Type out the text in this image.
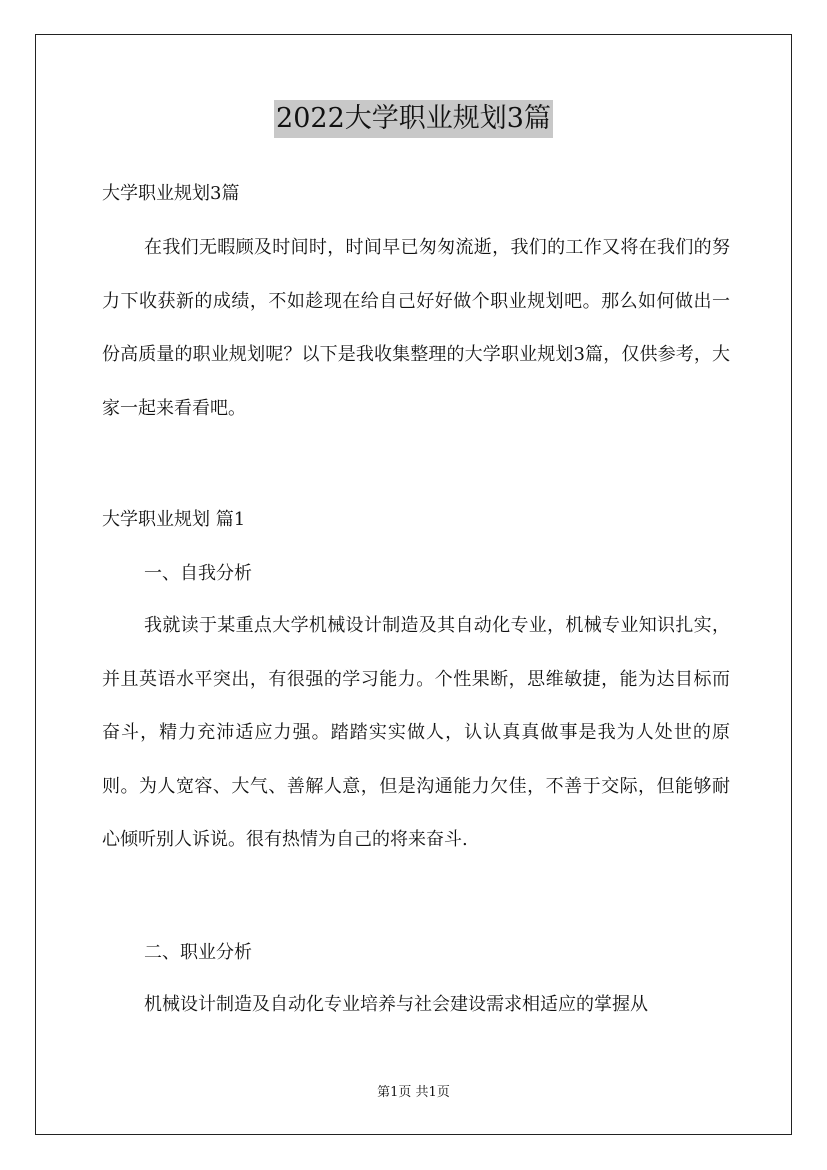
2022大学职业规划3篇
大学职业规划3篇
在我们无暇顾及时间时，时间早已匆匆流逝，我们的工作又将在我们的努力下收获新的成绩，不如趁现在给自己好好做个职业规划吧。那么如何做出一份高质量的职业规划呢？以下是我收集整理的大学职业规划3篇，仅供参考，大家一起来看看吧。
大学职业规划 篇1
一、自我分析
我就读于某重点大学机械设计制造及其自动化专业，机械专业知识扎实，并且英语水平突出，有很强的学习能力。个性果断，思维敏捷，能为达目标而奋斗，精力充沛适应力强。踏踏实实做人，认认真真做事是我为人处世的原则。为人宽容、大气、善解人意，但是沟通能力欠佳，不善于交际，但能够耐心倾听别人诉说。很有热情为自己的将来奋斗.
二、职业分析
机械设计制造及自动化专业培养与社会建设需求相适应的掌握从
第1页 共1页
